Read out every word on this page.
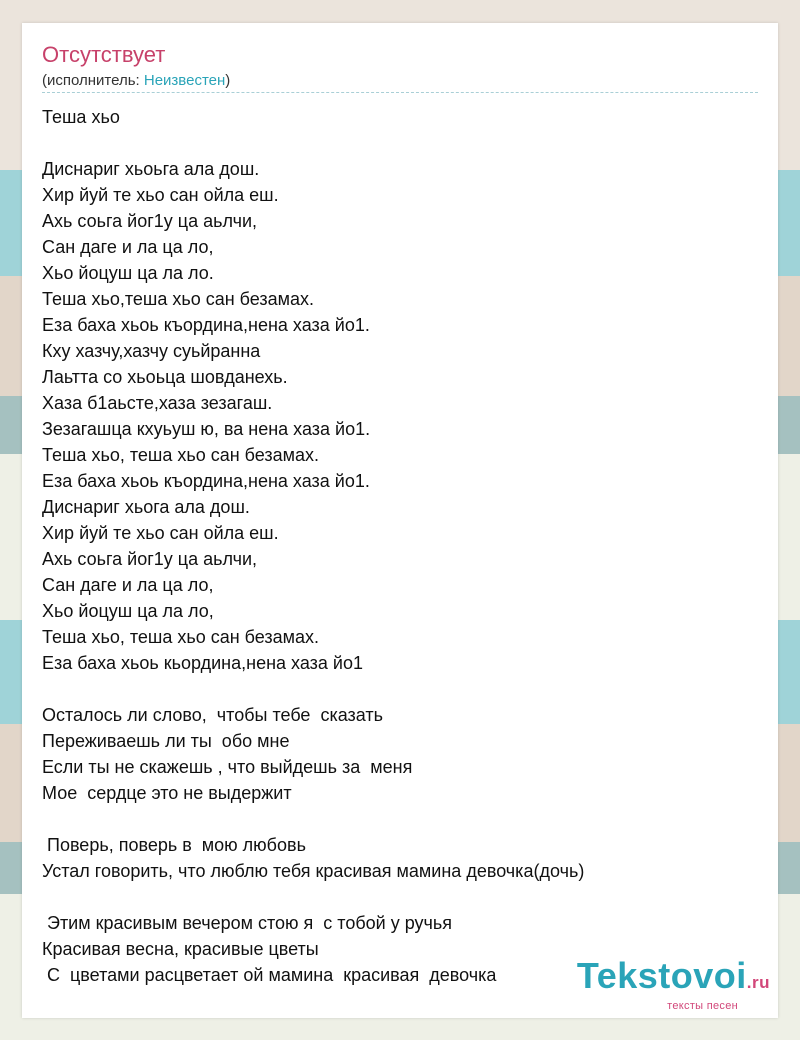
Отсутствует
(исполнитель: Неизвестен)
Теша хьо
Диснариг хьоьга ала дош.
Хир йуй те хьо сан ойла еш.
Ахь соьга йог1у ца аьлчи,
Сан даге и ла ца ло,
Хьо йоцуш ца ла ло.
Теша хьо,теша хьо сан безамах.
Еза баха хьоь къордина,нена хаза йо1.
Кху хазчу,хазчу суьйранна
Лаьтта со хьоьца шовданехь.
Хаза б1аьсте,хаза зезагаш.
Зезагашца кхуьуш ю, ва нена хаза йо1.
Теша хьо, теша хьо сан безамах.
Еза баха хьоь къордина,нена хаза йо1.
Диснариг хьога ала дош.
Хир йуй те хьо сан ойла еш.
Ахь соьга йог1у ца аьлчи,
Сан даге и ла ца ло,
Хьо йоцуш ца ла ло,
Теша хьо, теша хьо сан безамах.
Еза баха хьоь кьордина,нена хаза йо1
Осталось ли слово,  чтобы тебе  сказать
Переживаешь ли ты  обо мне
Если ты не скажешь , что выйдешь за  меня
Мое  сердце это не выдержит
Поверь, поверь в  мою любовь
Устал говорить, что люблю тебя красивая мамина девочка(дочь)
Этим красивым вечером стою я  с тобой у ручья
Красивая весна, красивые цветы
С  цветами расцветает ой мамина  красивая  девочка	Tekstovoi.ru
тексты песен
